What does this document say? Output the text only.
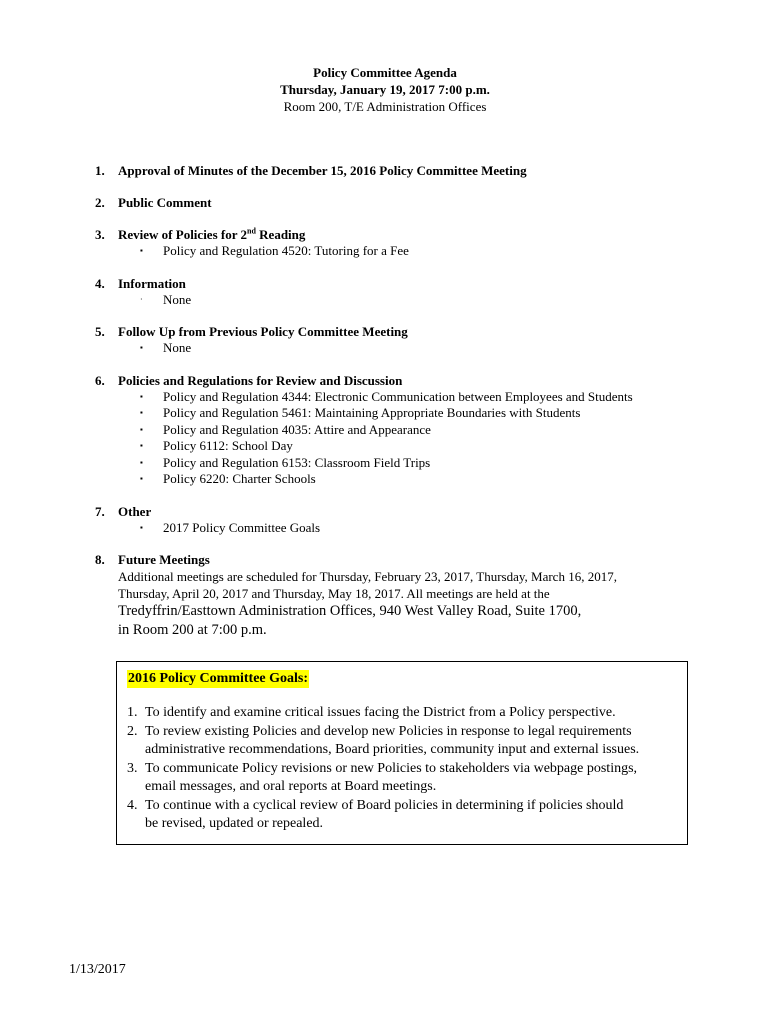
Policy Committee Agenda
Thursday, January 19, 2017 7:00 p.m.
Room 200, T/E Administration Offices
1.	Approval of Minutes of the December 15, 2016 Policy Committee Meeting
2.	Public Comment
3.	Review of Policies for 2nd Reading
▪ Policy and Regulation 4520: Tutoring for a Fee
4.	Information
· None
5.	Follow Up from Previous Policy Committee Meeting
▪ None
6.	Policies and Regulations for Review and Discussion
▪ Policy and Regulation 4344: Electronic Communication between Employees and Students
▪ Policy and Regulation 5461: Maintaining Appropriate Boundaries with Students
▪ Policy and Regulation 4035: Attire and Appearance
▪ Policy 6112: School Day
▪ Policy and Regulation 6153: Classroom Field Trips
▪ Policy 6220: Charter Schools
7.	Other
▪ 2017 Policy Committee Goals
8.	Future Meetings
Additional meetings are scheduled for Thursday, February 23, 2017, Thursday, March 16, 2017,
Thursday, April 20, 2017 and Thursday, May 18, 2017. All meetings are held at the
Tredyffrin/Easttown Administration Offices, 940 West Valley Road, Suite 1700,
in Room 200 at 7:00 p.m.
2016 Policy Committee Goals:
1. To identify and examine critical issues facing the District from a Policy perspective.
2. To review existing Policies and develop new Policies in response to legal requirements
administrative recommendations, Board priorities, community input and external issues.
3. To communicate Policy revisions or new Policies to stakeholders via webpage postings,
email messages, and oral reports at Board meetings.
4. To continue with a cyclical review of Board policies in determining if policies should
be revised, updated or repealed.
1/13/2017
